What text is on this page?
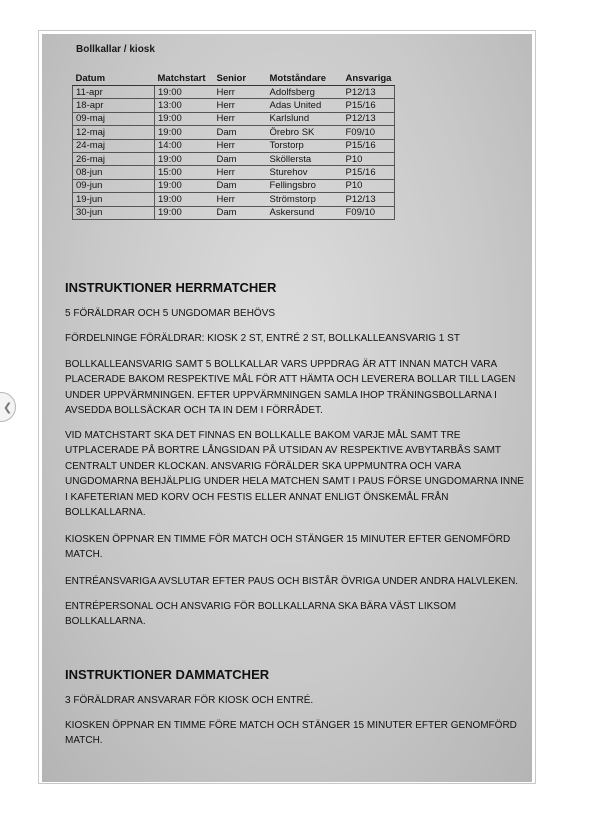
❮
Bollkallar / kiosk
Datum	Matchstart	Senior	Motståndare	Ansvariga
11-apr	19:00	Herr	Adolfsberg	P12/13
18-apr	13:00	Herr	Adas United	P15/16
09-maj	19:00	Herr	Karlslund	P12/13
12-maj	19:00	Dam	Örebro SK	F09/10
24-maj	14:00	Herr	Torstorp	P15/16
26-maj	19:00	Dam	Sköllersta	P10
08-jun	15:00	Herr	Sturehov	P15/16
09-jun	19:00	Dam	Fellingsbro	P10
19-jun	19:00	Herr	Strömstorp	P12/13
30-jun	19:00	Dam	Askersund	F09/10
INSTRUKTIONER HERRMATCHER
5 FÖRÄLDRAR OCH 5 UNGDOMAR BEHÖVS
FÖRDELNINGE FÖRÄLDRAR: KIOSK 2 ST, ENTRÉ 2 ST, BOLLKALLEANSVARIG 1 ST
BOLLKALLEANSVARIG SAMT 5 BOLLKALLAR VARS UPPDRAG ÄR ATT INNAN MATCH VARA PLACERADE BAKOM RESPEKTIVE MÅL FÖR ATT HÄMTA OCH LEVERERA BOLLAR TILL LAGEN UNDER UPPVÄRMNINGEN. EFTER UPPVÄRMNINGEN SAMLA IHOP TRÄNINGSBOLLARNA I AVSEDDA BOLLSÄCKAR OCH TA IN DEM I FÖRRÅDET.
VID MATCHSTART SKA DET FINNAS EN BOLLKALLE BAKOM VARJE MÅL SAMT TRE UTPLACERADE PÅ BORTRE LÅNGSIDAN PÅ UTSIDAN AV RESPEKTIVE AVBYTARBÅS SAMT CENTRALT UNDER KLOCKAN. ANSVARIG FÖRÄLDER SKA UPPMUNTRA OCH VARA UNGDOMARNA BEHJÄLPLIG UNDER HELA MATCHEN SAMT I PAUS FÖRSE UNGDOMARNA INNE I KAFETERIAN MED KORV OCH FESTIS ELLER ANNAT ENLIGT ÖNSKEMÅL FRÅN BOLLKALLARNA.
KIOSKEN ÖPPNAR EN TIMME FÖR MATCH OCH STÄNGER 15 MINUTER EFTER GENOMFÖRD MATCH.
ENTRÉANSVARIGA AVSLUTAR EFTER PAUS OCH BISTÅR ÖVRIGA UNDER ANDRA HALVLEKEN.
ENTRÉPERSONAL OCH ANSVARIG FÖR BOLLKALLARNA SKA BÄRA VÄST LIKSOM BOLLKALLARNA.
INSTRUKTIONER DAMMATCHER
3 FÖRÄLDRAR ANSVARAR FÖR KIOSK OCH ENTRÉ.
KIOSKEN ÖPPNAR EN TIMME FÖRE MATCH OCH STÄNGER 15 MINUTER EFTER GENOMFÖRD MATCH.
